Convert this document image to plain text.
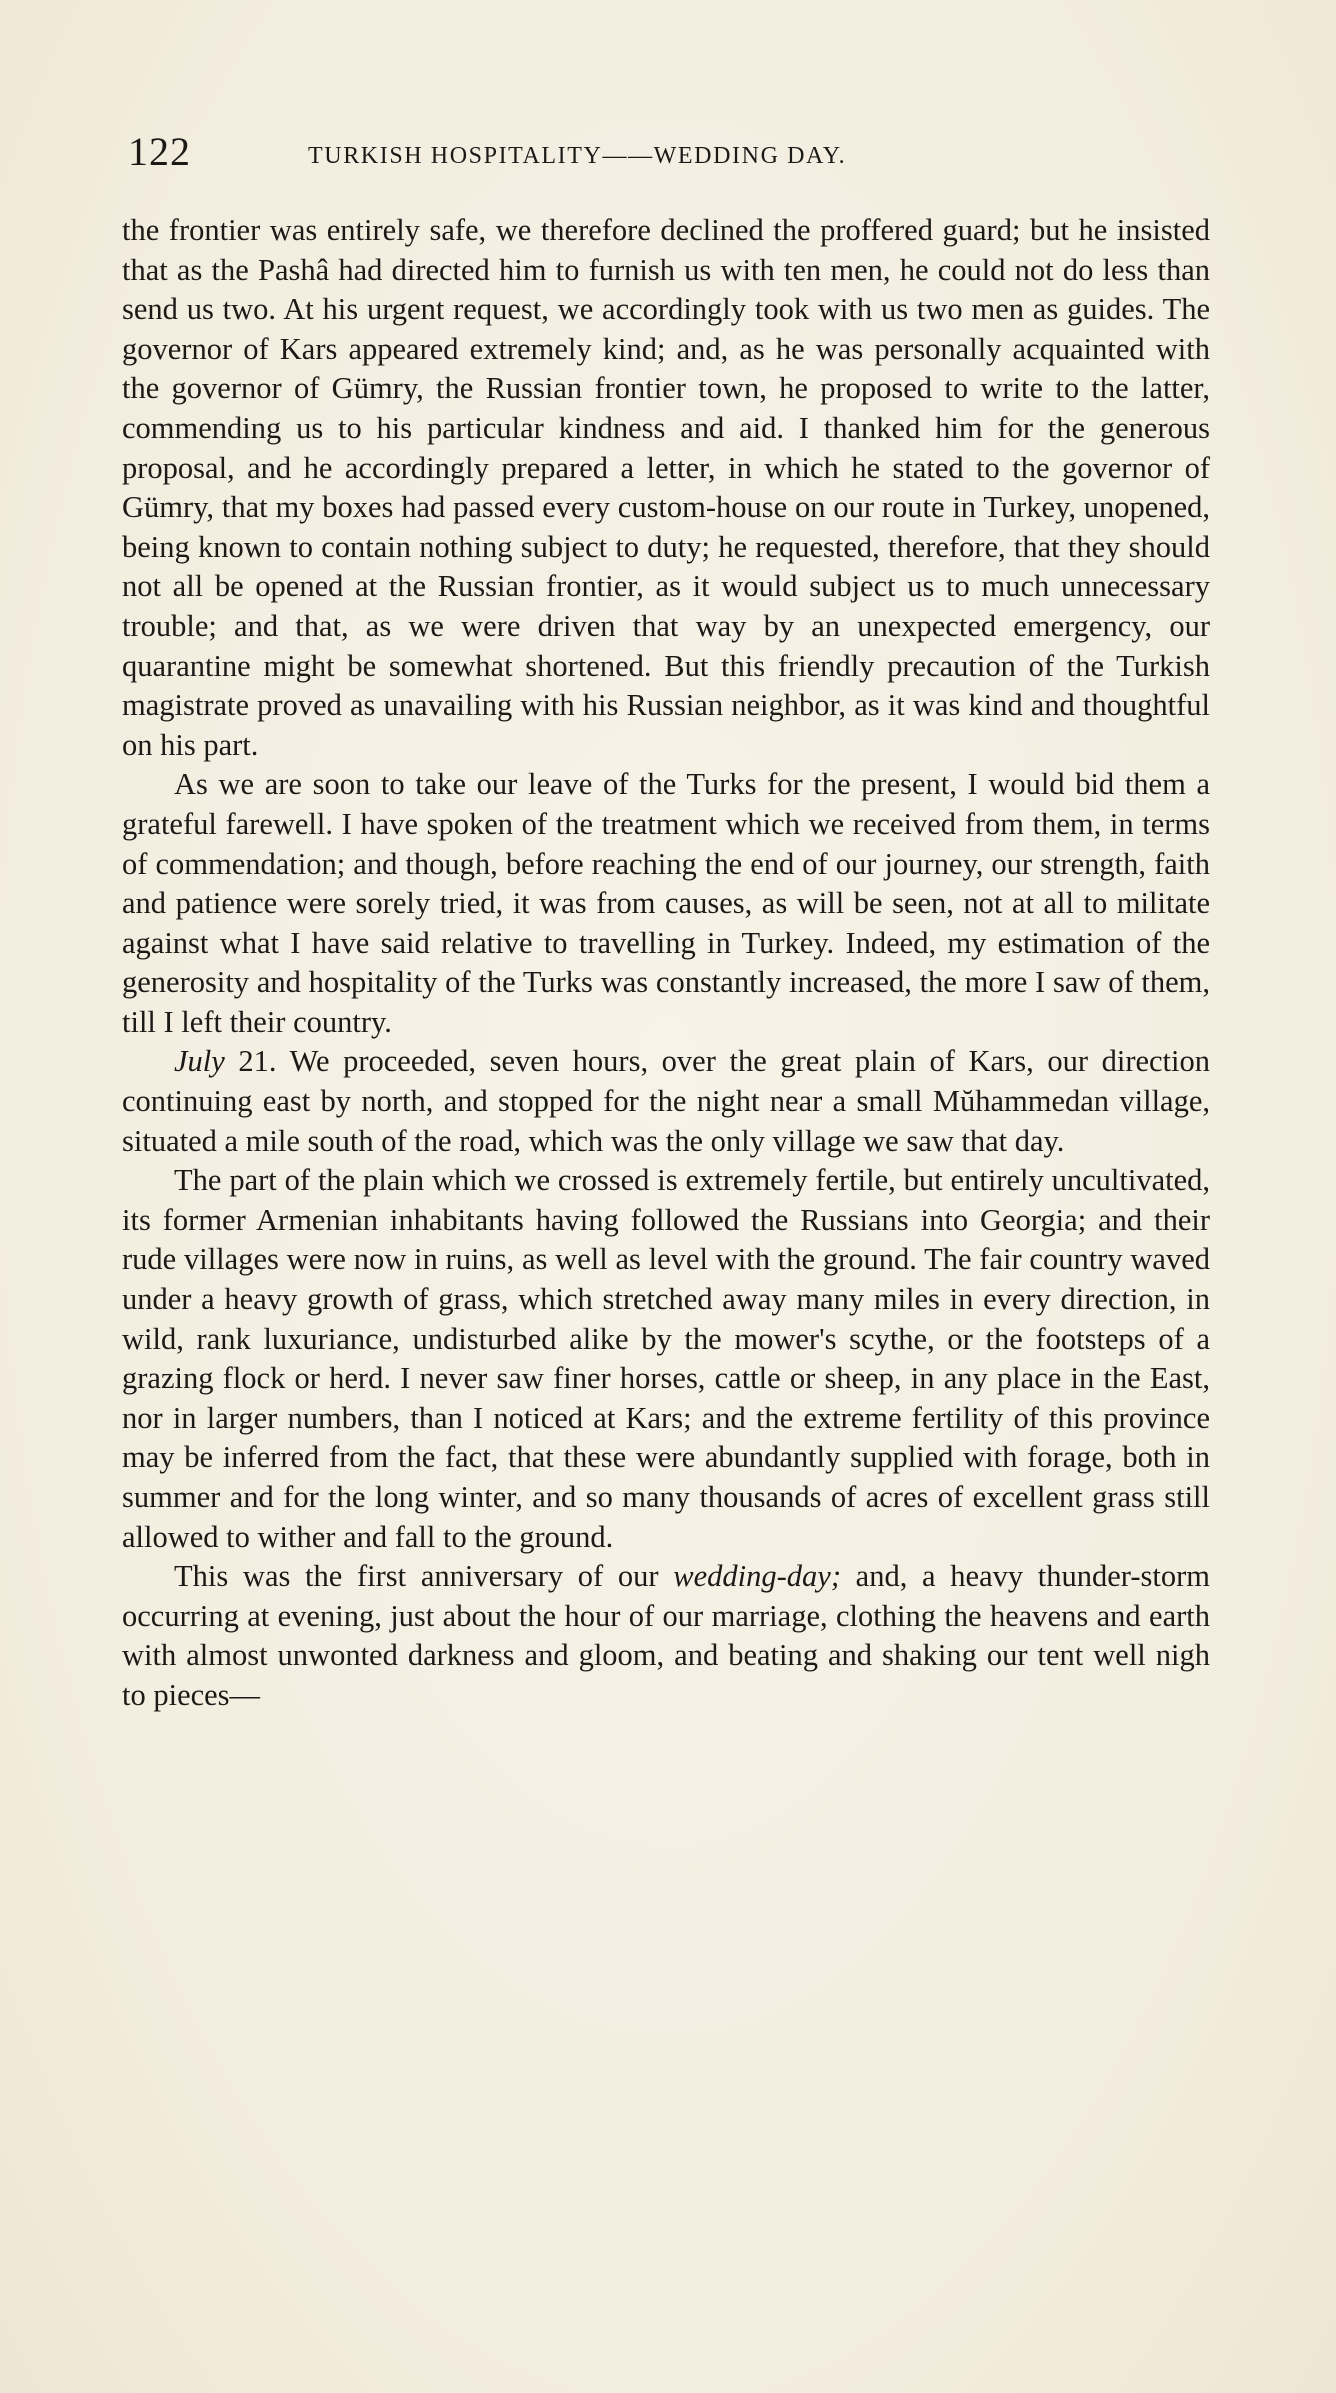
122	TURKISH HOSPITALITY——WEDDING DAY.

the frontier was entirely safe, we therefore declined the proffered guard; but he insisted that as the Pashâ had directed him to furnish us with ten men, he could not do less than send us two. At his urgent request, we accordingly took with us two men as guides. The governor of Kars appeared extremely kind; and, as he was personally acquainted with the governor of Gümry, the Russian frontier town, he proposed to write to the latter, commending us to his particular kindness and aid. I thanked him for the generous proposal, and he accordingly prepared a letter, in which he stated to the governor of Gümry, that my boxes had passed every custom-house on our route in Turkey, unopened, being known to contain nothing subject to duty; he requested, therefore, that they should not all be opened at the Russian frontier, as it would subject us to much unnecessary trouble; and that, as we were driven that way by an unexpected emergency, our quarantine might be somewhat shortened. But this friendly precaution of the Turkish magistrate proved as unavailing with his Russian neighbor, as it was kind and thoughtful on his part.

As we are soon to take our leave of the Turks for the present, I would bid them a grateful farewell. I have spoken of the treatment which we received from them, in terms of commendation; and though, before reaching the end of our journey, our strength, faith and patience were sorely tried, it was from causes, as will be seen, not at all to militate against what I have said relative to travelling in Turkey. Indeed, my estimation of the generosity and hospitality of the Turks was constantly increased, the more I saw of them, till I left their country.

July 21. We proceeded, seven hours, over the great plain of Kars, our direction continuing east by north, and stopped for the night near a small Mŭhammedan village, situated a mile south of the road, which was the only village we saw that day.

The part of the plain which we crossed is extremely fertile, but entirely uncultivated, its former Armenian inhabitants having followed the Russians into Georgia; and their rude villages were now in ruins, as well as level with the ground. The fair country waved under a heavy growth of grass, which stretched away many miles in every direction, in wild, rank luxuriance, undisturbed alike by the mower's scythe, or the footsteps of a grazing flock or herd. I never saw finer horses, cattle or sheep, in any place in the East, nor in larger numbers, than I noticed at Kars; and the extreme fertility of this province may be inferred from the fact, that these were abundantly supplied with forage, both in summer and for the long winter, and so many thousands of acres of excellent grass still allowed to wither and fall to the ground.

This was the first anniversary of our wedding-day; and, a heavy thunder-storm occurring at evening, just about the hour of our marriage, clothing the heavens and earth with almost unwonted darkness and gloom, and beating and shaking our tent well nigh to pieces—
